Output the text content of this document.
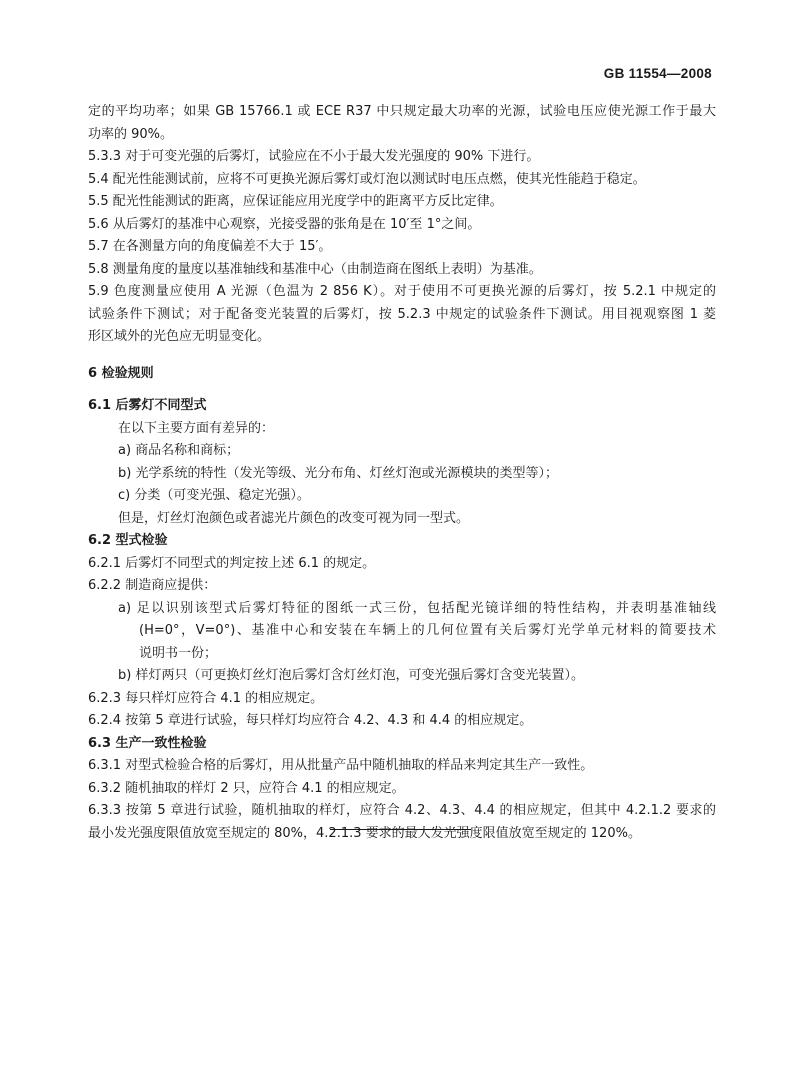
GB 11554—2008
定的平均功率；如果 GB 15766.1 或 ECE R37 中只规定最大功率的光源，试验电压应使光源工作于最大
功率的 90%。
5.3.3 对于可变光强的后雾灯，试验应在不小于最大发光强度的 90% 下进行。
5.4 配光性能测试前，应将不可更换光源后雾灯或灯泡以测试时电压点燃，使其光性能趋于稳定。
5.5 配光性能测试的距离，应保证能应用光度学中的距离平方反比定律。
5.6 从后雾灯的基准中心观察，光接受器的张角是在 10′至 1°之间。
5.7 在各测量方向的角度偏差不大于 15′。
5.8 测量角度的量度以基准轴线和基准中心（由制造商在图纸上表明）为基准。
5.9 色度测量应使用 A 光源（色温为 2 856 K）。对于使用不可更换光源的后雾灯，按 5.2.1 中规定的
试验条件下测试；对于配备变光装置的后雾灯，按 5.2.3 中规定的试验条件下测试。用目视观察图 1 菱
形区域外的光色应无明显变化。
6 检验规则
6.1 后雾灯不同型式
在以下主要方面有差异的：
a) 商品名称和商标；
b) 光学系统的特性（发光等级、光分布角、灯丝灯泡或光源模块的类型等）；
c) 分类（可变光强、稳定光强）。
但是，灯丝灯泡颜色或者滤光片颜色的改变可视为同一型式。
6.2 型式检验
6.2.1 后雾灯不同型式的判定按上述 6.1 的规定。
6.2.2 制造商应提供：
a) 足以识别该型式后雾灯特征的图纸一式三份，包括配光镜详细的特性结构，并表明基准轴线
(H=0°，V=0°)、基准中心和安装在车辆上的几何位置有关后雾灯光学单元材料的简要技术
说明书一份；
b) 样灯两只（可更换灯丝灯泡后雾灯含灯丝灯泡，可变光强后雾灯含变光装置）。
6.2.3 每只样灯应符合 4.1 的相应规定。
6.2.4 按第 5 章进行试验，每只样灯均应符合 4.2、4.3 和 4.4 的相应规定。
6.3 生产一致性检验
6.3.1 对型式检验合格的后雾灯，用从批量产品中随机抽取的样品来判定其生产一致性。
6.3.2 随机抽取的样灯 2 只，应符合 4.1 的相应规定。
6.3.3 按第 5 章进行试验，随机抽取的样灯，应符合 4.2、4.3、4.4 的相应规定，但其中 4.2.1.2 要求的
最小发光强度限值放宽至规定的 80%，4.2.1.3 要求的最大发光强度限值放宽至规定的 120%。
